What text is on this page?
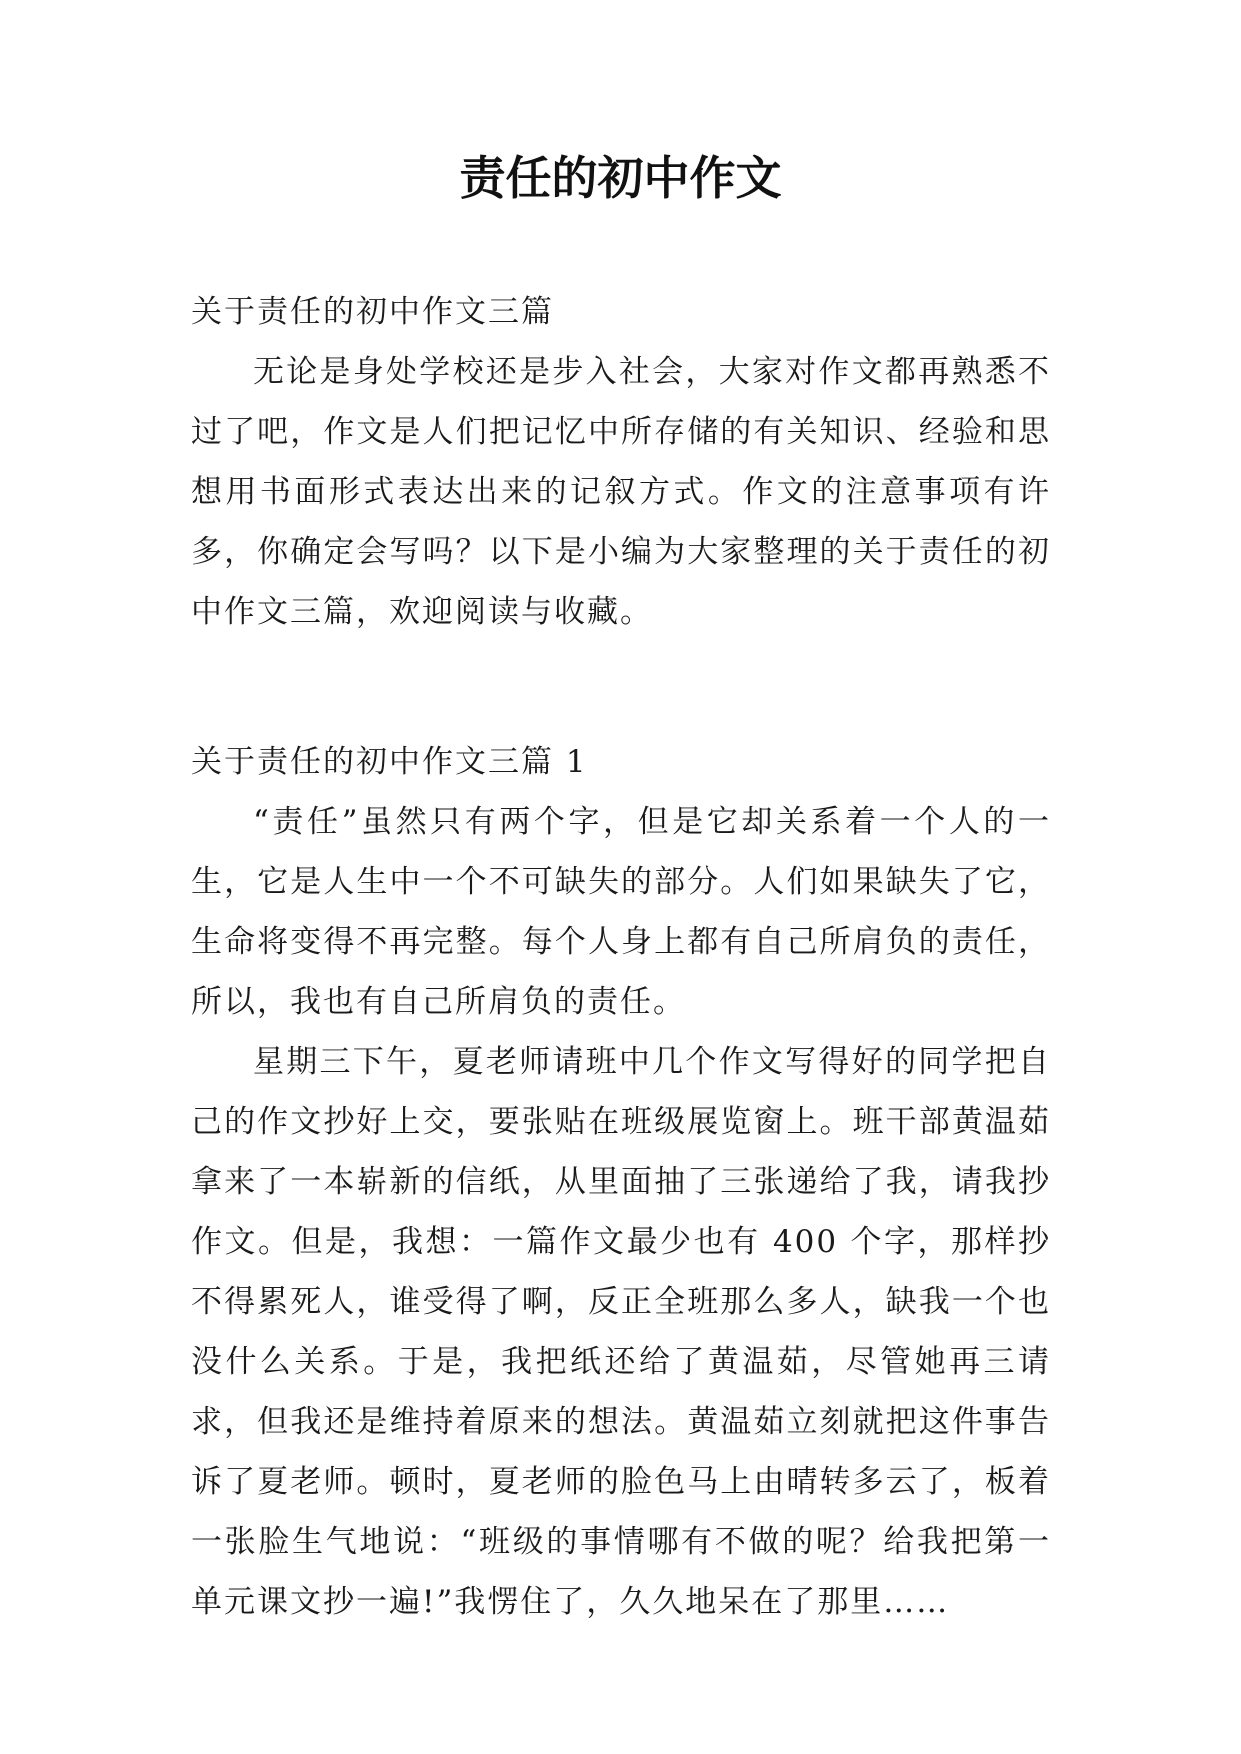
责任的初中作文

关于责任的初中作文三篇

无论是身处学校还是步入社会，大家对作文都再熟悉不过了吧，作文是人们把记忆中所存储的有关知识、经验和思想用书面形式表达出来的记叙方式。作文的注意事项有许多，你确定会写吗？以下是小编为大家整理的关于责任的初中作文三篇，欢迎阅读与收藏。

关于责任的初中作文三篇 1

“责任”虽然只有两个字，但是它却关系着一个人的一生，它是人生中一个不可缺失的部分。人们如果缺失了它，生命将变得不再完整。每个人身上都有自己所肩负的责任，所以，我也有自己所肩负的责任。

星期三下午，夏老师请班中几个作文写得好的同学把自己的作文抄好上交，要张贴在班级展览窗上。班干部黄温茹拿来了一本崭新的信纸，从里面抽了三张递给了我，请我抄作文。但是，我想：一篇作文最少也有 400 个字，那样抄不得累死人，谁受得了啊，反正全班那么多人，缺我一个也没什么关系。于是，我把纸还给了黄温茹，尽管她再三请求，但我还是维持着原来的想法。黄温茹立刻就把这件事告诉了夏老师。顿时，夏老师的脸色马上由晴转多云了，板着一张脸生气地说：“班级的事情哪有不做的呢？给我把第一单元课文抄一遍!”我愣住了，久久地呆在了那里……
